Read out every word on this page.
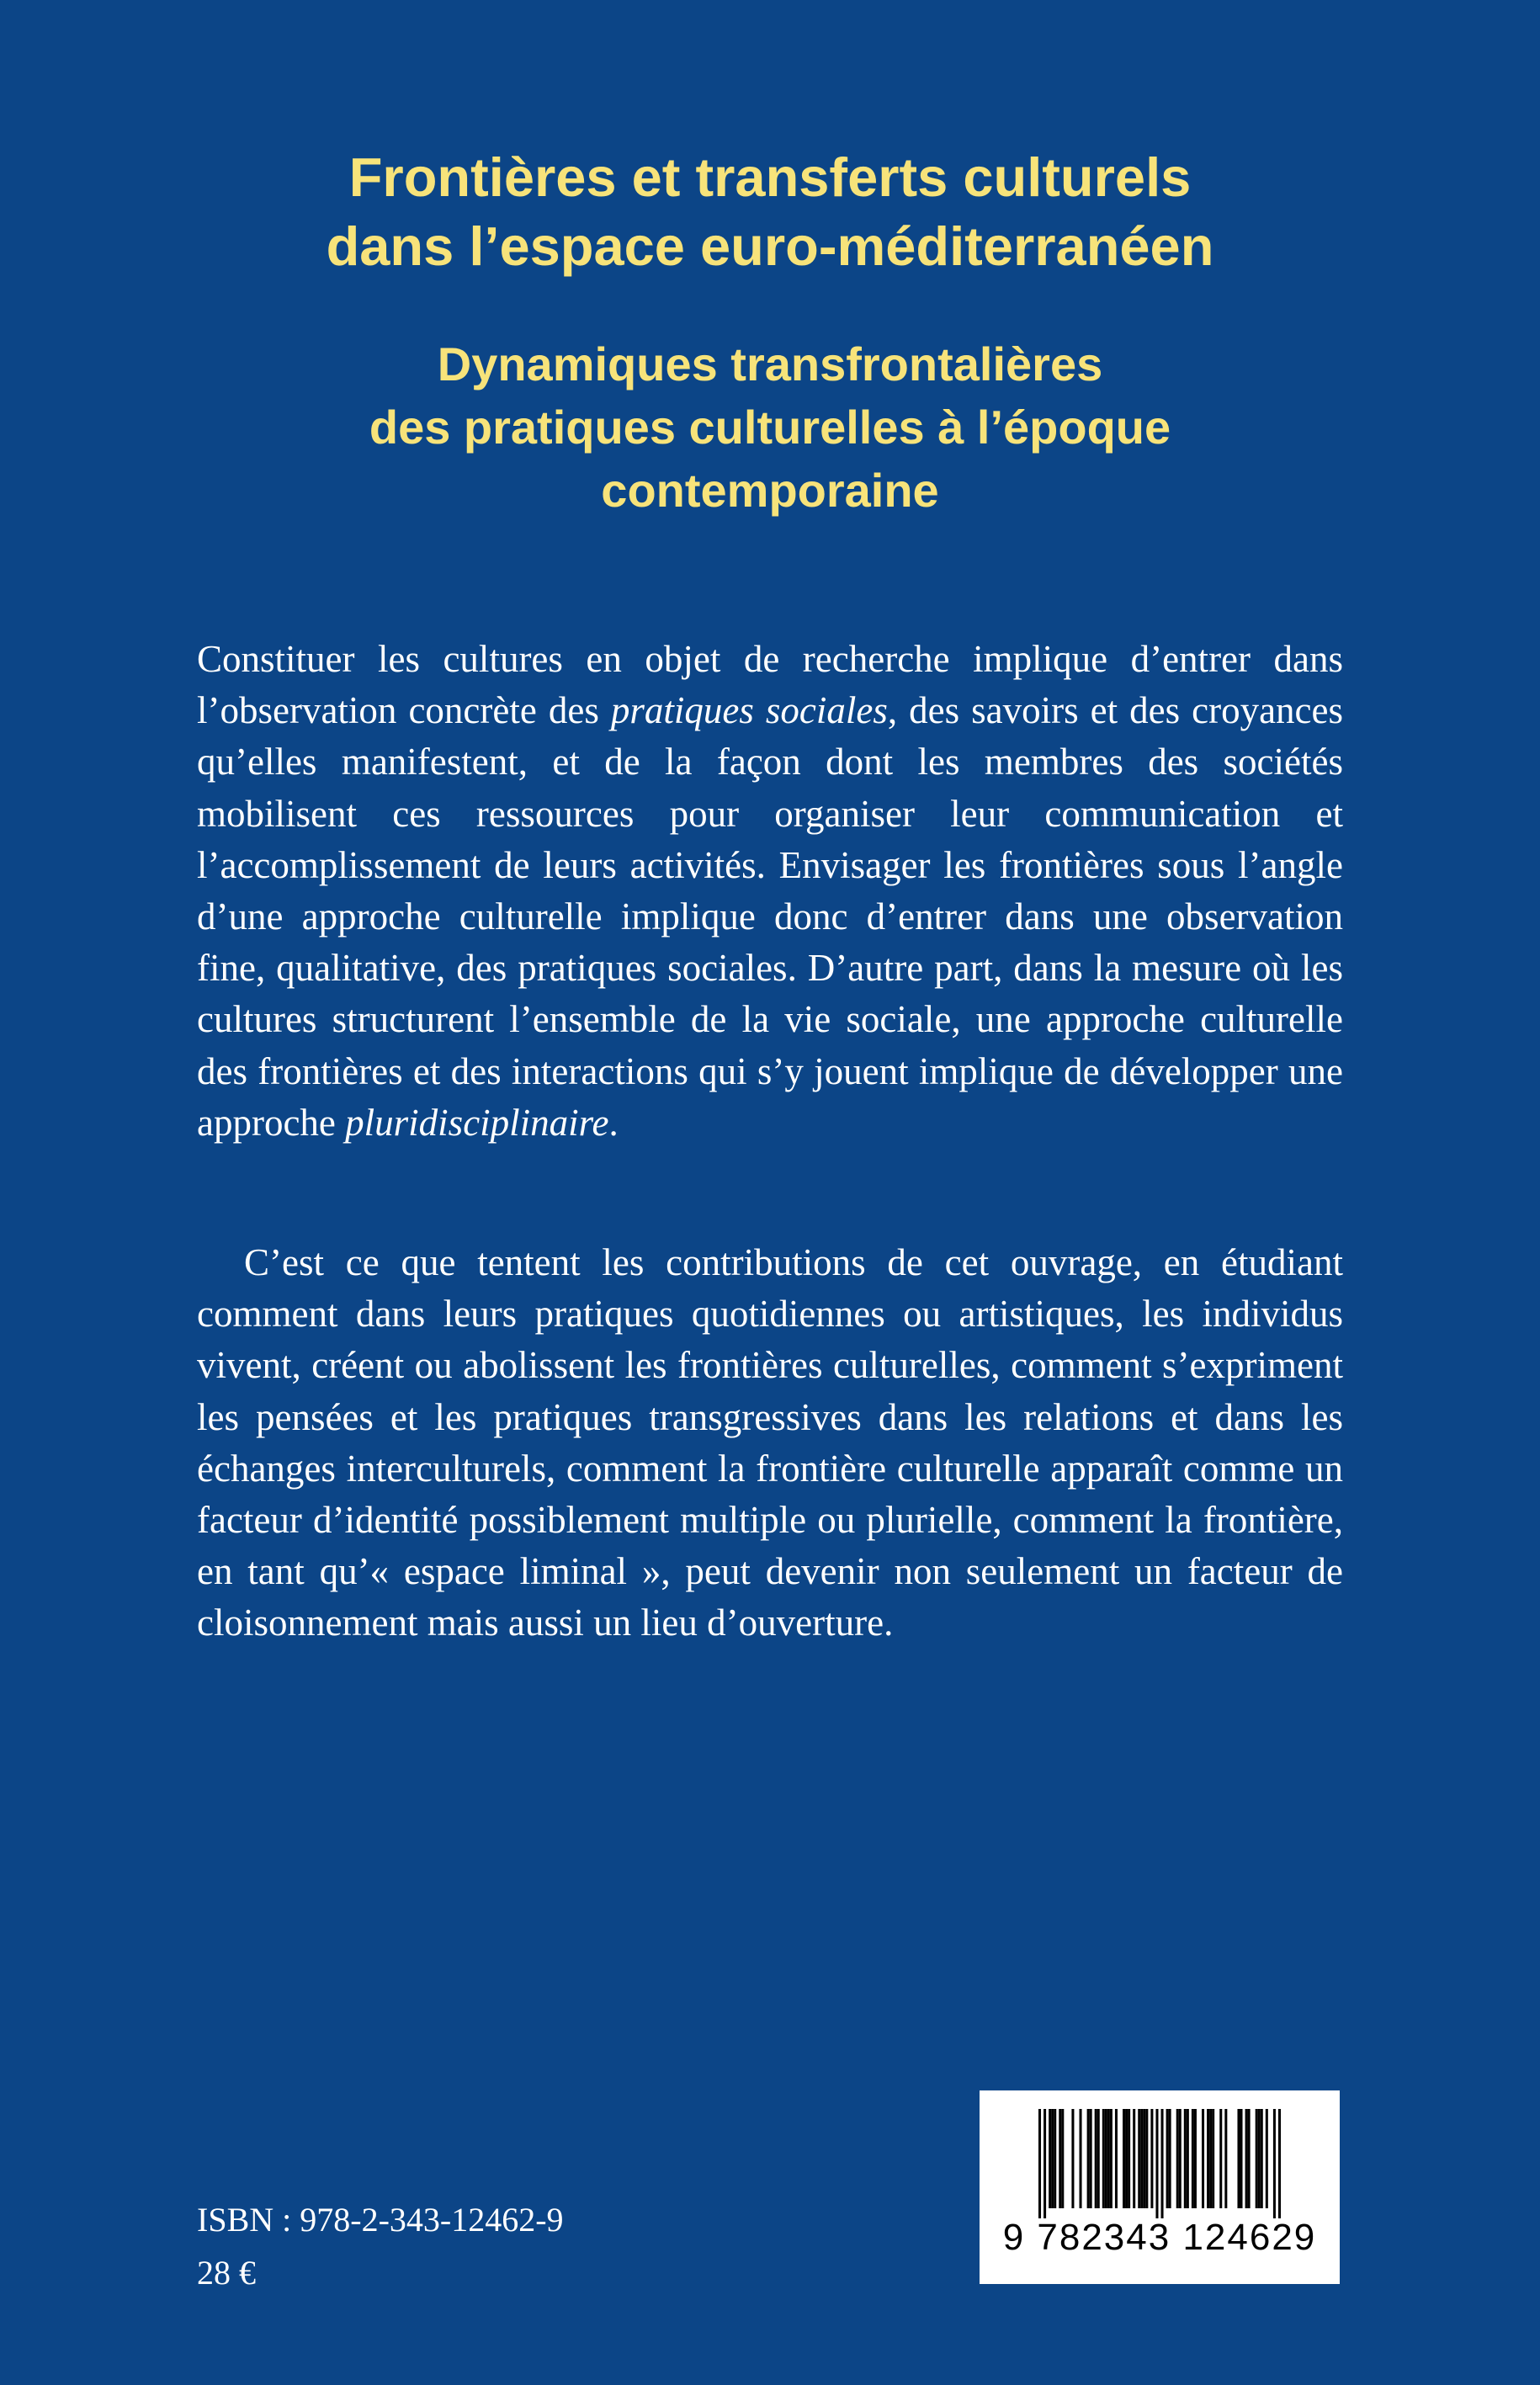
Frontières et transferts culturels
dans l’espace euro-méditerranéen
Dynamiques transfrontalières
des pratiques culturelles à l’époque
contemporaine

Constituer les cultures en objet de recherche implique d’entrer dans l’observation concrète des pratiques sociales, des savoirs et des croyances qu’elles manifestent, et de la façon dont les membres des sociétés mobilisent ces ressources pour organiser leur communication et l’accomplissement de leurs activités. Envisager les frontières sous l’angle d’une approche culturelle implique donc d’entrer dans une observation fine, qualitative, des pratiques sociales. D’autre part, dans la mesure où les cultures structurent l’ensemble de la vie sociale, une approche culturelle des frontières et des interactions qui s’y jouent implique de développer une approche pluridisciplinaire.

C’est ce que tentent les contributions de cet ouvrage, en étudiant comment dans leurs pratiques quotidiennes ou artistiques, les individus vivent, créent ou abolissent les frontières culturelles, comment s’expriment les pensées et les pratiques transgressives dans les relations et dans les échanges interculturels, comment la frontière culturelle apparaît comme un facteur d’identité possiblement multiple ou plurielle, comment la frontière, en tant qu’« espace liminal », peut devenir non seulement un facteur de cloisonnement mais aussi un lieu d’ouverture.

ISBN : 978-2-343-12462-9
28 €
9 782343 124629
